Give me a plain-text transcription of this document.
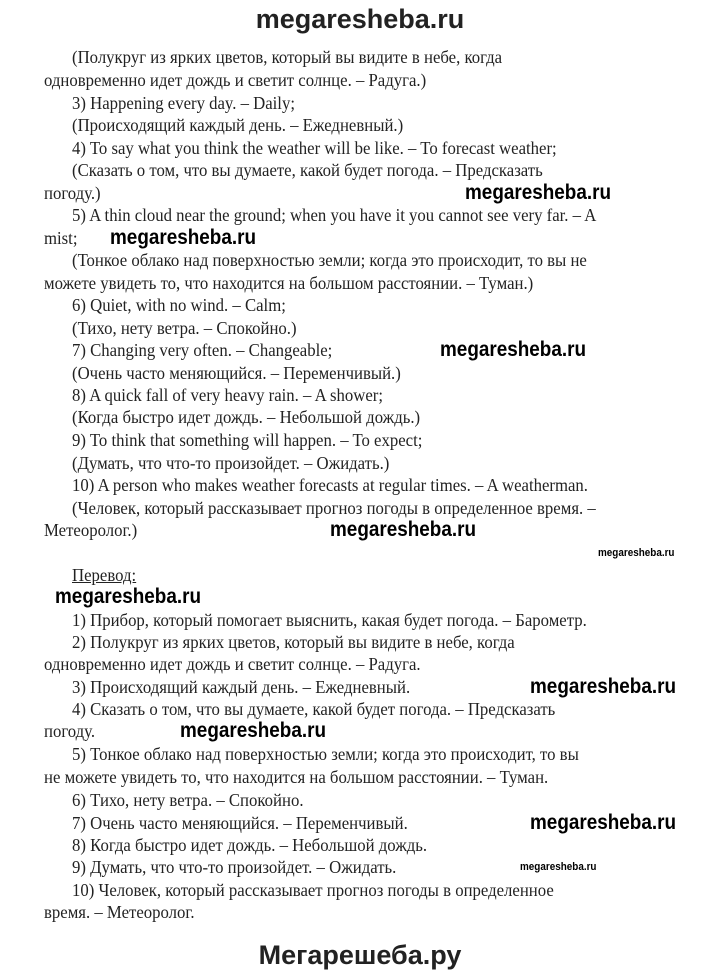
megaresheba.ru
(Полукруг из ярких цветов, который вы видите в небе, когда
одновременно идет дождь и светит солнце. – Радуга.)
3) Happening every day. – Daily;
(Происходящий каждый день. – Ежедневный.)
4) To say what you think the weather will be like. – To forecast weather;
(Сказать о том, что вы думаете, какой будет погода. – Предсказать
погоду.)
5) A thin cloud near the ground; when you have it you cannot see very far. – A
mist;
(Тонкое облако над поверхностью земли; когда это происходит, то вы не
можете увидеть то, что находится на большом расстоянии. – Туман.)
6) Quiet, with no wind. – Calm;
(Тихо, нету ветра. – Спокойно.)
7) Changing very often. – Changeable;
(Очень часто меняющийся. – Переменчивый.)
8) A quick fall of very heavy rain. – A shower;
(Когда быстро идет дождь. – Небольшой дождь.)
9) To think that something will happen. – To expect;
(Думать, что что-то произойдет. – Ожидать.)
10) A person who makes weather forecasts at regular times. – A weatherman.
(Человек, который рассказывает прогноз погоды в определенное время. –
Метеоролог.)
Перевод:
1) Прибор, который помогает выяснить, какая будет погода. – Барометр.
2) Полукруг из ярких цветов, который вы видите в небе, когда
одновременно идет дождь и светит солнце. – Радуга.
3) Происходящий каждый день. – Ежедневный.
4) Сказать о том, что вы думаете, какой будет погода. – Предсказать
погоду.
5) Тонкое облако над поверхностью земли; когда это происходит, то вы
не можете увидеть то, что находится на большом расстоянии. – Туман.
6) Тихо, нету ветра. – Спокойно.
7) Очень часто меняющийся. – Переменчивый.
8) Когда быстро идет дождь. – Небольшой дождь.
9) Думать, что что-то произойдет. – Ожидать.
10) Человек, который рассказывает прогноз погоды в определенное
время. – Метеоролог.
megaresheba.ru
megaresheba.ru
megaresheba.ru
megaresheba.ru
megaresheba.ru
megaresheba.ru
megaresheba.ru
megaresheba.ru
megaresheba.ru
megaresheba.ru
Мегарешеба.ру
